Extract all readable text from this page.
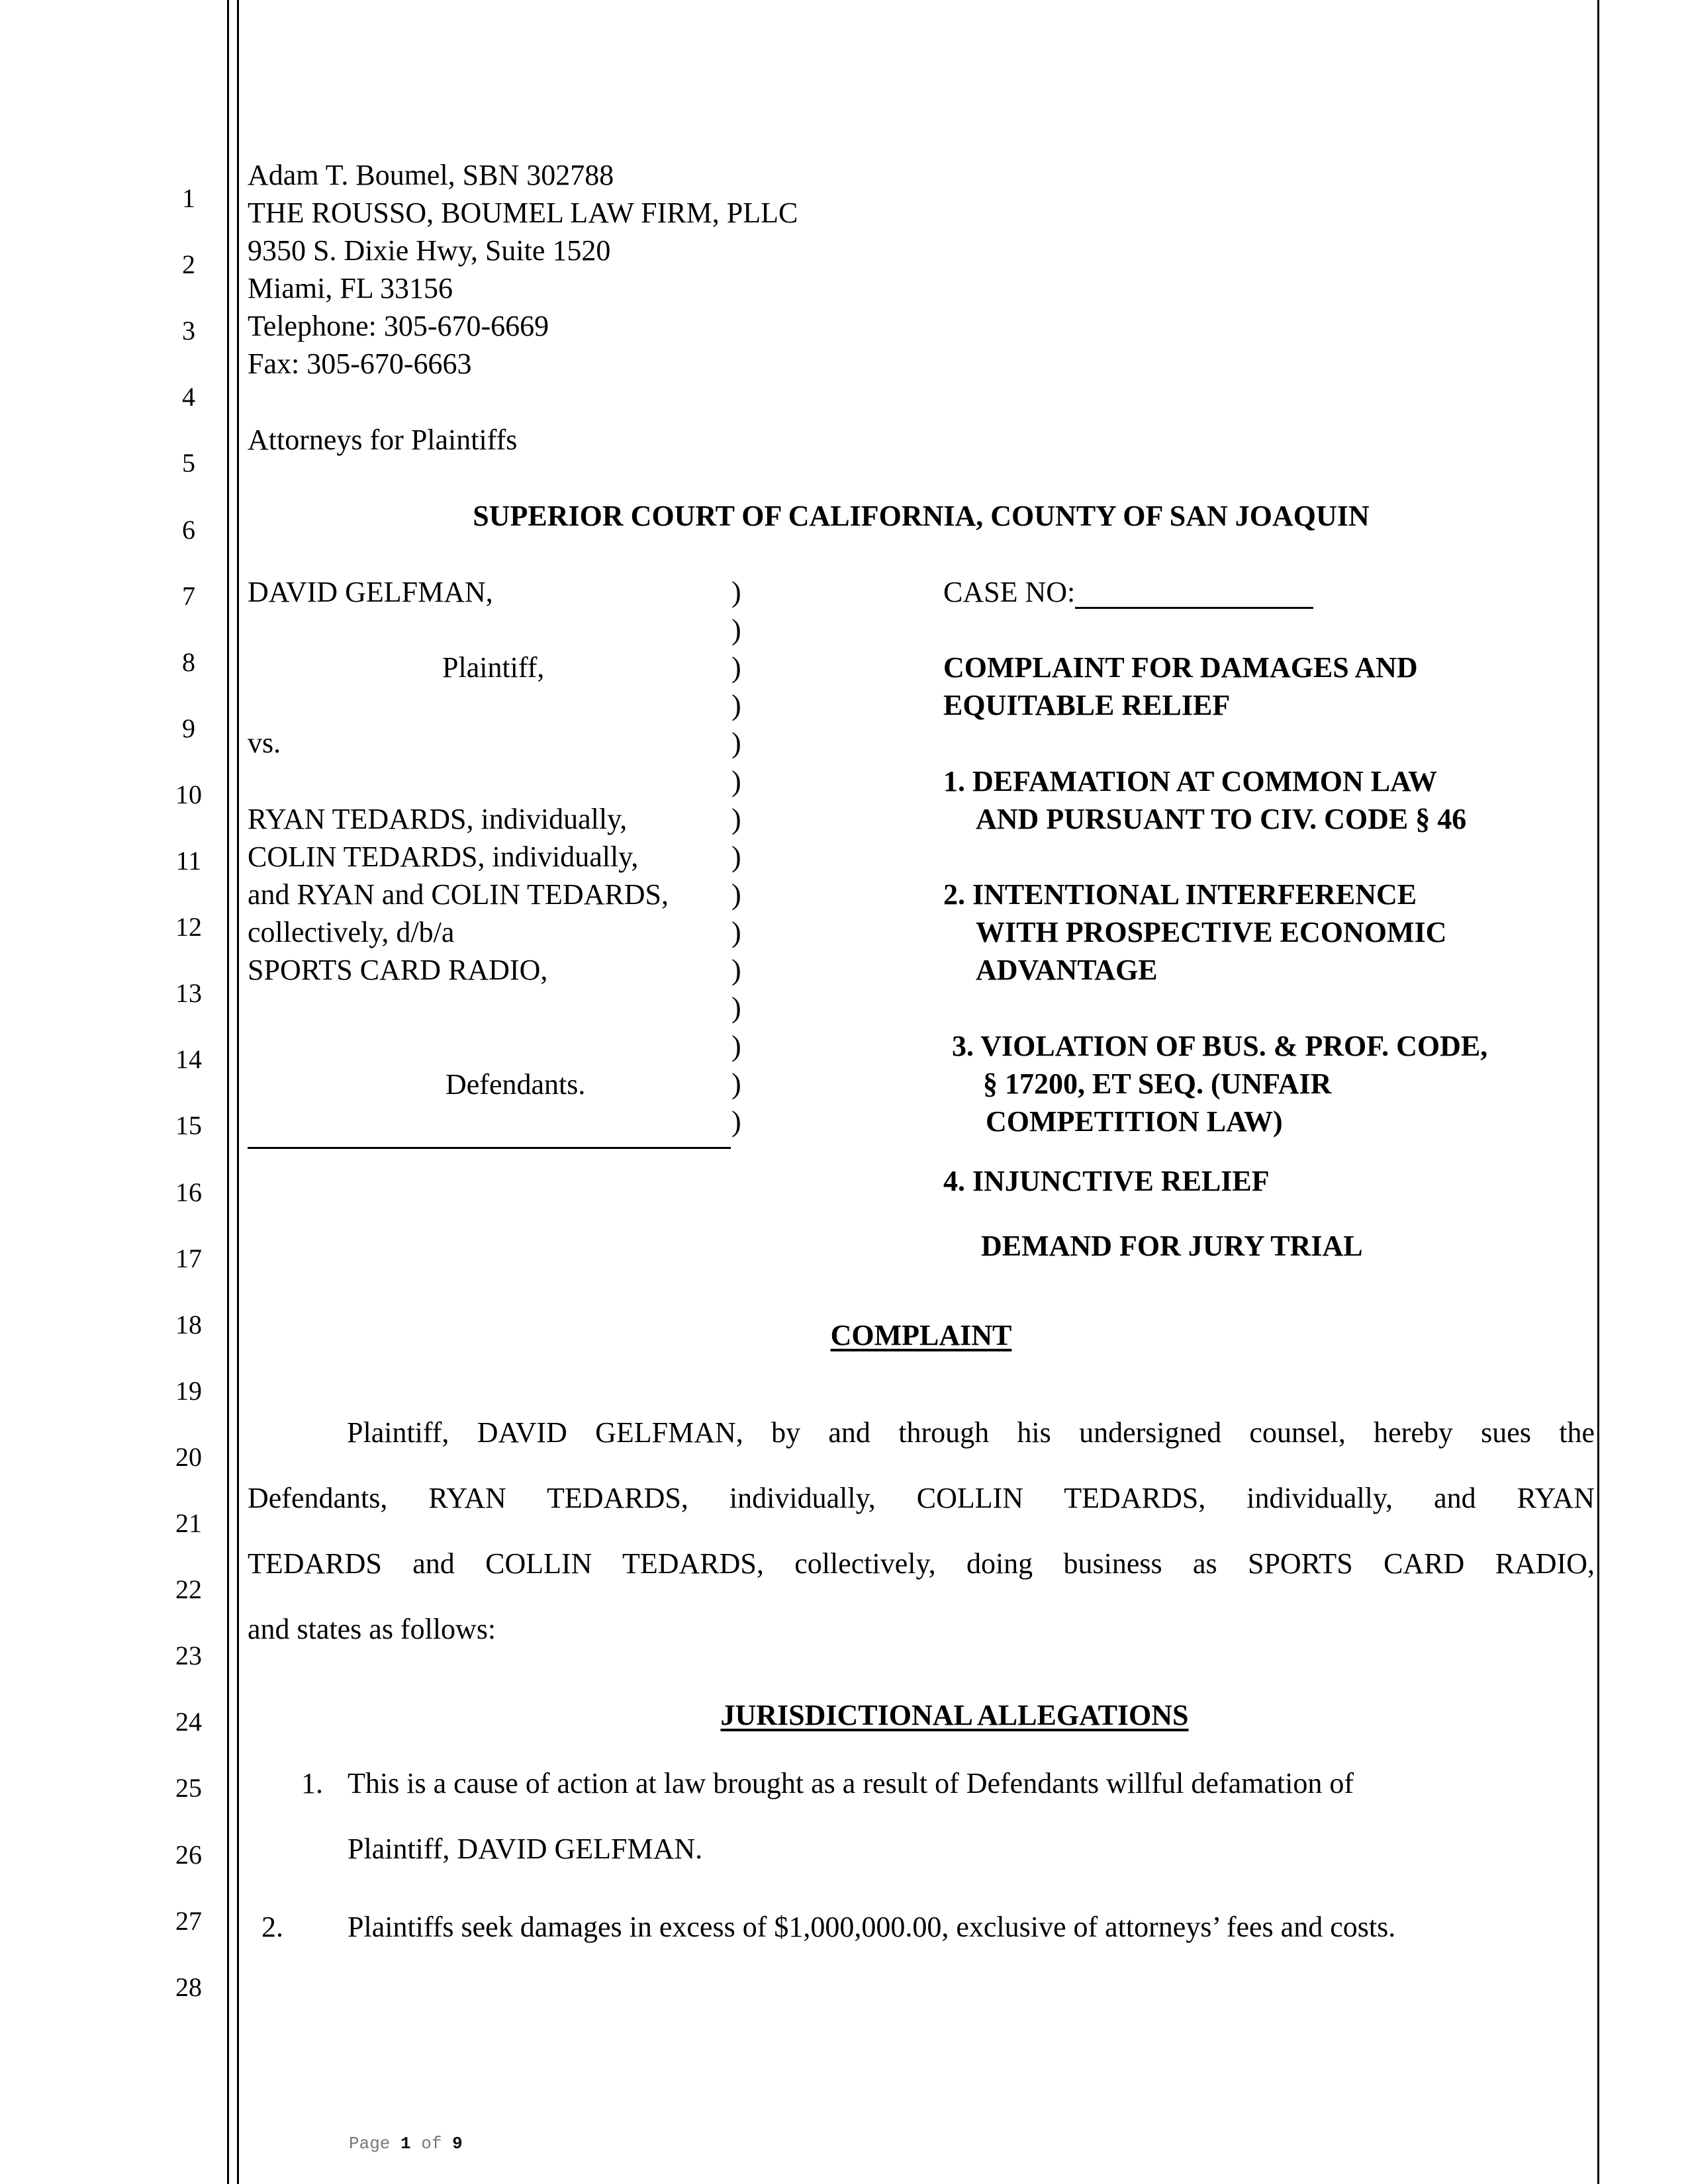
1
2
3
4
5
6
7
8
9
10
11
12
13
14
15
16
17
18
19
20
21
22
23
24
25
26
27
28
Adam T. Boumel, SBN 302788
THE ROUSSO, BOUMEL LAW FIRM, PLLC
9350 S. Dixie Hwy, Suite 1520
Miami, FL 33156
Telephone: 305-670-6669
Fax: 305-670-6663
Attorneys for Plaintiffs
SUPERIOR COURT OF CALIFORNIA, COUNTY OF SAN JOAQUIN
DAVID GELFMAN,
Plaintiff,
vs.
RYAN TEDARDS, individually,
COLIN TEDARDS, individually,
and RYAN and COLIN TEDARDS,
collectively, d/b/a
SPORTS CARD RADIO,
Defendants.
)
)
)
)
)
)
)
)
)
)
)
)
)
)
)
CASE NO:
COMPLAINT FOR DAMAGES AND
EQUITABLE RELIEF
1. DEFAMATION AT COMMON LAW
AND PURSUANT TO CIV. CODE § 46
2. INTENTIONAL INTERFERENCE
WITH PROSPECTIVE ECONOMIC
ADVANTAGE
3. VIOLATION OF BUS. & PROF. CODE,
§ 17200, ET SEQ. (UNFAIR
COMPETITION LAW)
4. INJUNCTIVE RELIEF
DEMAND FOR JURY TRIAL
COMPLAINT
Plaintiff, DAVID GELFMAN, by and through his undersigned counsel, hereby sues the
Defendants, RYAN TEDARDS, individually, COLLIN TEDARDS, individually, and RYAN
TEDARDS and COLLIN TEDARDS, collectively, doing business as SPORTS CARD RADIO,
and states as follows:
JURISDICTIONAL ALLEGATIONS
1. This is a cause of action at law brought as a result of Defendants willful defamation of
Plaintiff, DAVID GELFMAN.
2. Plaintiffs seek damages in excess of $1,000,000.00, exclusive of attorneys’ fees and costs.
Page 1 of 9
